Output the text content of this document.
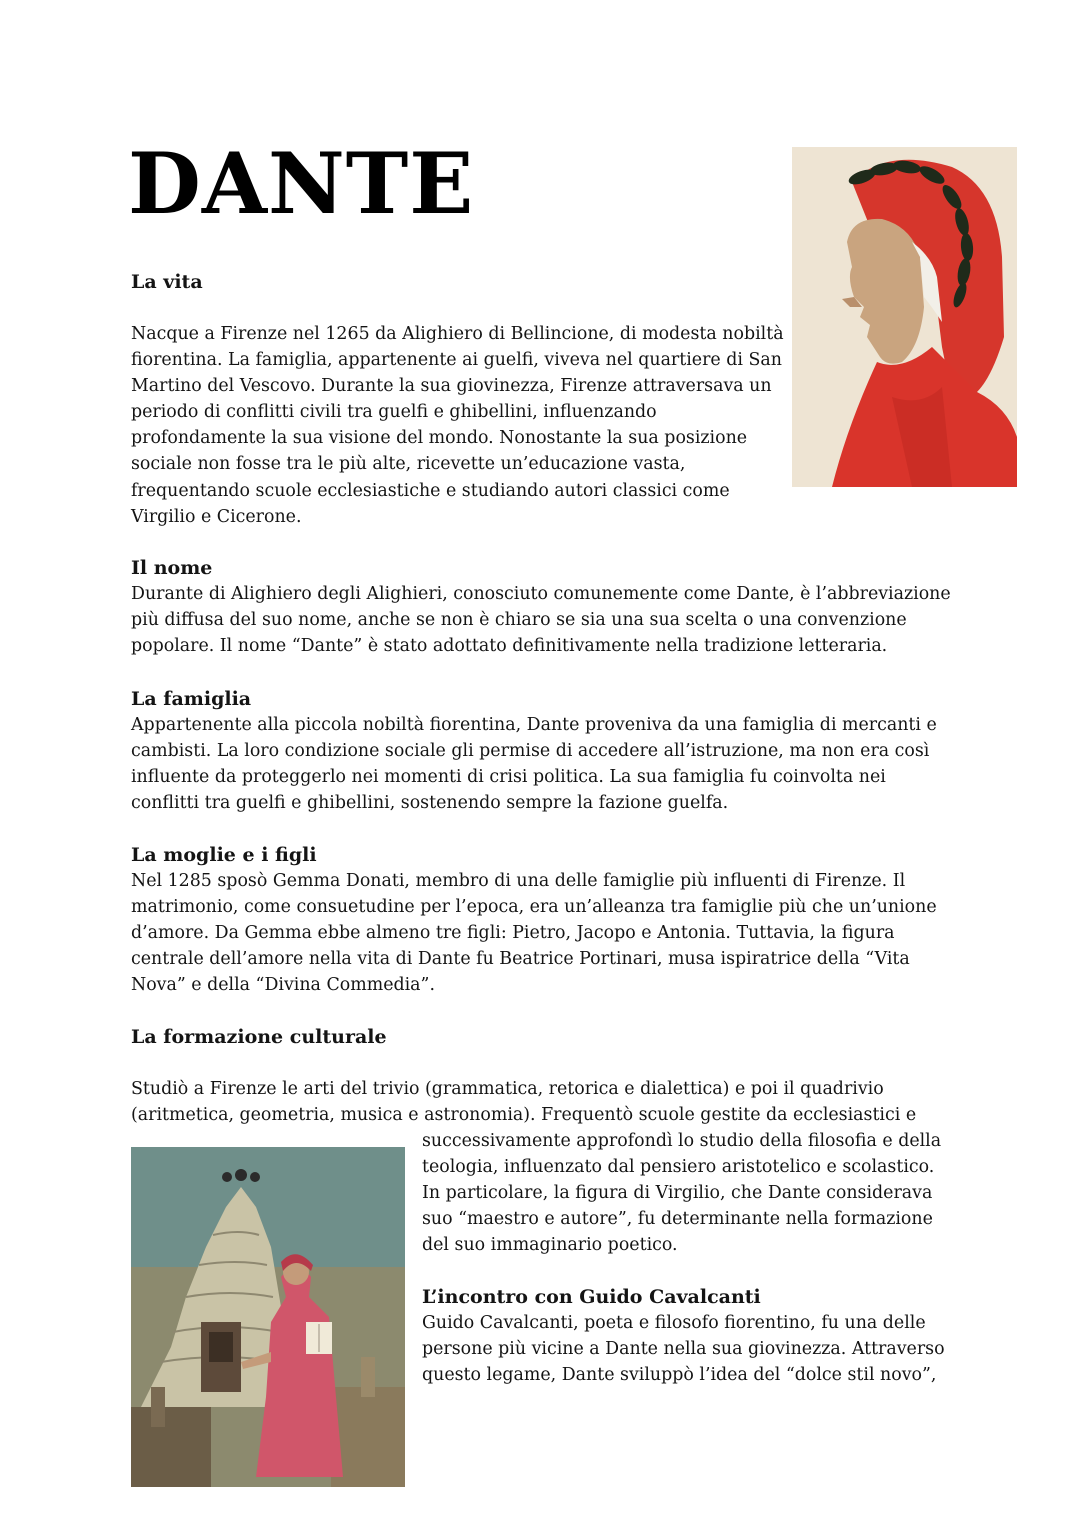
DANTE
La vita

Nacque a Firenze nel 1265 da Alighiero di Bellincione, di modesta nobiltà
fiorentina. La famiglia, appartenente ai guelfi, viveva nel quartiere di San
Martino del Vescovo. Durante la sua giovinezza, Firenze attraversava un
periodo di conflitti civili tra guelfi e ghibellini, influenzando
profondamente la sua visione del mondo. Nonostante la sua posizione
sociale non fosse tra le più alte, ricevette un’educazione vasta,
frequentando scuole ecclesiastiche e studiando autori classici come
Virgilio e Cicerone.

Il nome

Durante di Alighiero degli Alighieri, conosciuto comunemente come Dante, è l’abbreviazione
più diffusa del suo nome, anche se non è chiaro se sia una sua scelta o una convenzione
popolare. Il nome “Dante” è stato adottato definitivamente nella tradizione letteraria.

La famiglia

Appartenente alla piccola nobiltà fiorentina, Dante proveniva da una famiglia di mercanti e
cambisti. La loro condizione sociale gli permise di accedere all’istruzione, ma non era così
influente da proteggerlo nei momenti di crisi politica. La sua famiglia fu coinvolta nei
conflitti tra guelfi e ghibellini, sostenendo sempre la fazione guelfa.

La moglie e i figli

Nel 1285 sposò Gemma Donati, membro di una delle famiglie più influenti di Firenze. Il
matrimonio, come consuetudine per l’epoca, era un’alleanza tra famiglie più che un’unione
d’amore. Da Gemma ebbe almeno tre figli: Pietro, Jacopo e Antonia. Tuttavia, la figura
centrale dell’amore nella vita di Dante fu Beatrice Portinari, musa ispiratrice della “Vita
Nova” e della “Divina Commedia”.

La formazione culturale

Studiò a Firenze le arti del trivio (grammatica, retorica e dialettica) e poi il quadrivio
(aritmetica, geometria, musica e astronomia). Frequentò scuole gestite da ecclesiastici e

successivamente approfondì lo studio della filosofia e della
teologia, influenzato dal pensiero aristotelico e scolastico.
In particolare, la figura di Virgilio, che Dante considerava
suo “maestro e autore”, fu determinante nella formazione
del suo immaginario poetico.

L’incontro con Guido Cavalcanti

Guido Cavalcanti, poeta e filosofo fiorentino, fu una delle
persone più vicine a Dante nella sua giovinezza. Attraverso
questo legame, Dante sviluppò l’idea del “dolce stil novo”,
